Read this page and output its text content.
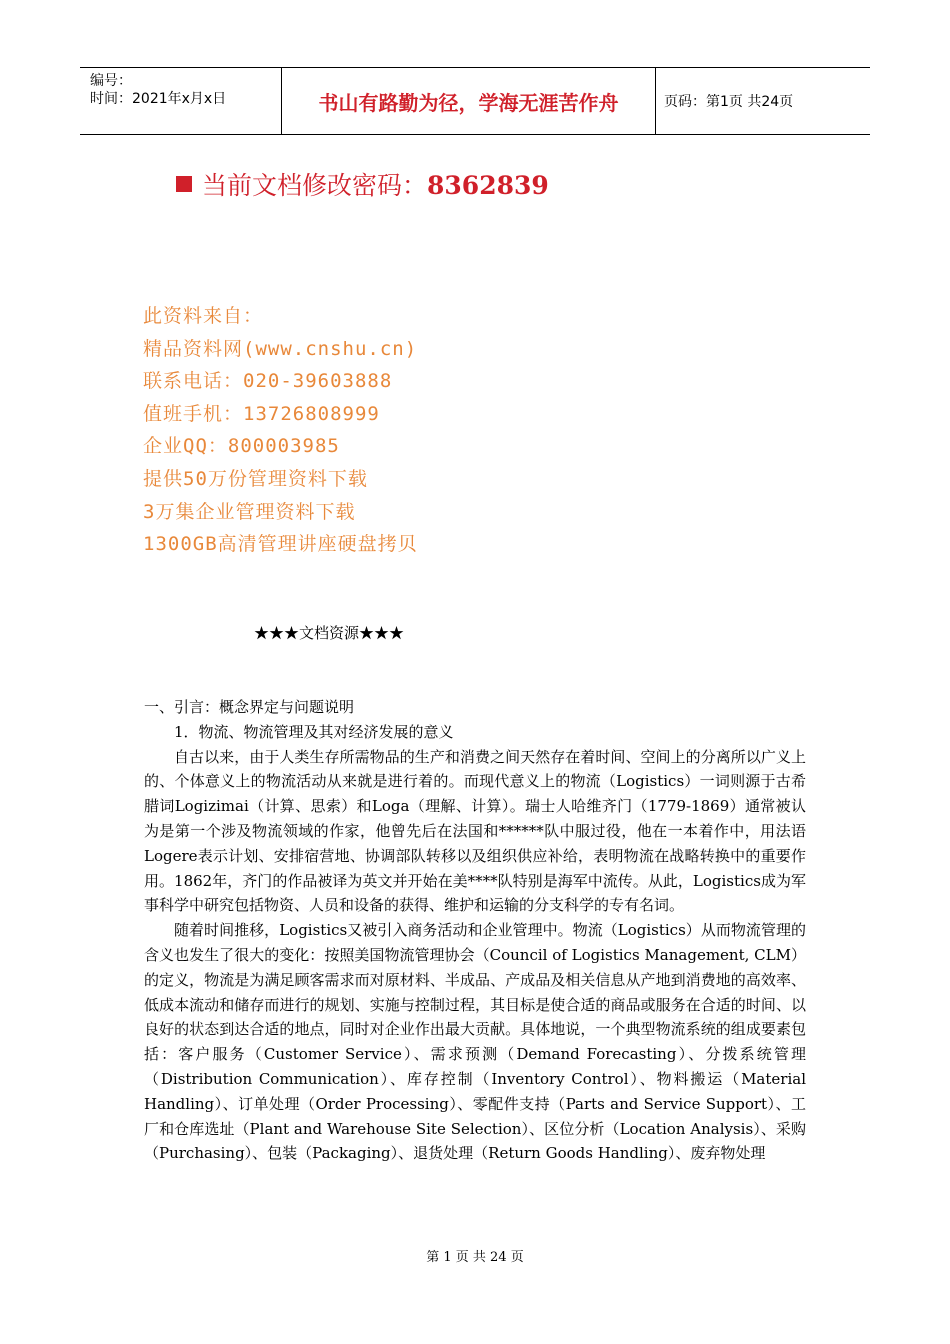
编号：
时间：2021年x月x日	书山有路勤为径，学海无涯苦作舟	页码：第1页 共24页
当前文档修改密码：8362839
此资料来自：
精品资料网(www.cnshu.cn)
联系电话：020-39603888
值班手机：13726808999
企业QQ：800003985
提供50万份管理资料下载
3万集企业管理资料下载
1300GB高清管理讲座硬盘拷贝
★★★文档资源★★★

一、引言：概念界定与问题说明

1．物流、物流管理及其对经济发展的意义

自古以来，由于人类生存所需物品的生产和消费之间天然存在着时间、空间上的分离所以广义上的、个体意义上的物流活动从来就是进行着的。而现代意义上的物流（Logistics）一词则源于古希腊词Logizimai（计算、思索）和Loga（理解、计算）。瑞士人哈维齐门（1779-1869）通常被认为是第一个涉及物流领域的作家，他曾先后在法国和******队中服过役，他在一本着作中，用法语Logere表示计划、安排宿营地、协调部队转移以及组织供应补给，表明物流在战略转换中的重要作用。1862年，齐门的作品被译为英文并开始在美****队特别是海军中流传。从此，Logistics成为军事科学中研究包括物资、人员和设备的获得、维护和运输的分支科学的专有名词。

随着时间推移，Logistics又被引入商务活动和企业管理中。物流（Logistics）从而物流管理的含义也发生了很大的变化：按照美国物流管理协会（Council of Logistics Management, CLM）的定义，物流是为满足顾客需求而对原材料、半成品、产成品及相关信息从产地到消费地的高效率、低成本流动和储存而进行的规划、实施与控制过程，其目标是使合适的商品或服务在合适的时间、以良好的状态到达合适的地点，同时对企业作出最大贡献。具体地说，一个典型物流系统的组成要素包括：客户服务（Customer Service）、需求预测（Demand Forecasting）、分拨系统管理（Distribution Communication）、库存控制（Inventory Control）、物料搬运（Material Handling）、订单处理（Order Processing）、零配件支持（Parts and Service Support）、工厂和仓库选址（Plant and Warehouse Site Selection）、区位分析（Location Analysis）、采购（Purchasing）、包装（Packaging）、退货处理（Return Goods Handling）、废弃物处理

第 1 页 共 24 页
